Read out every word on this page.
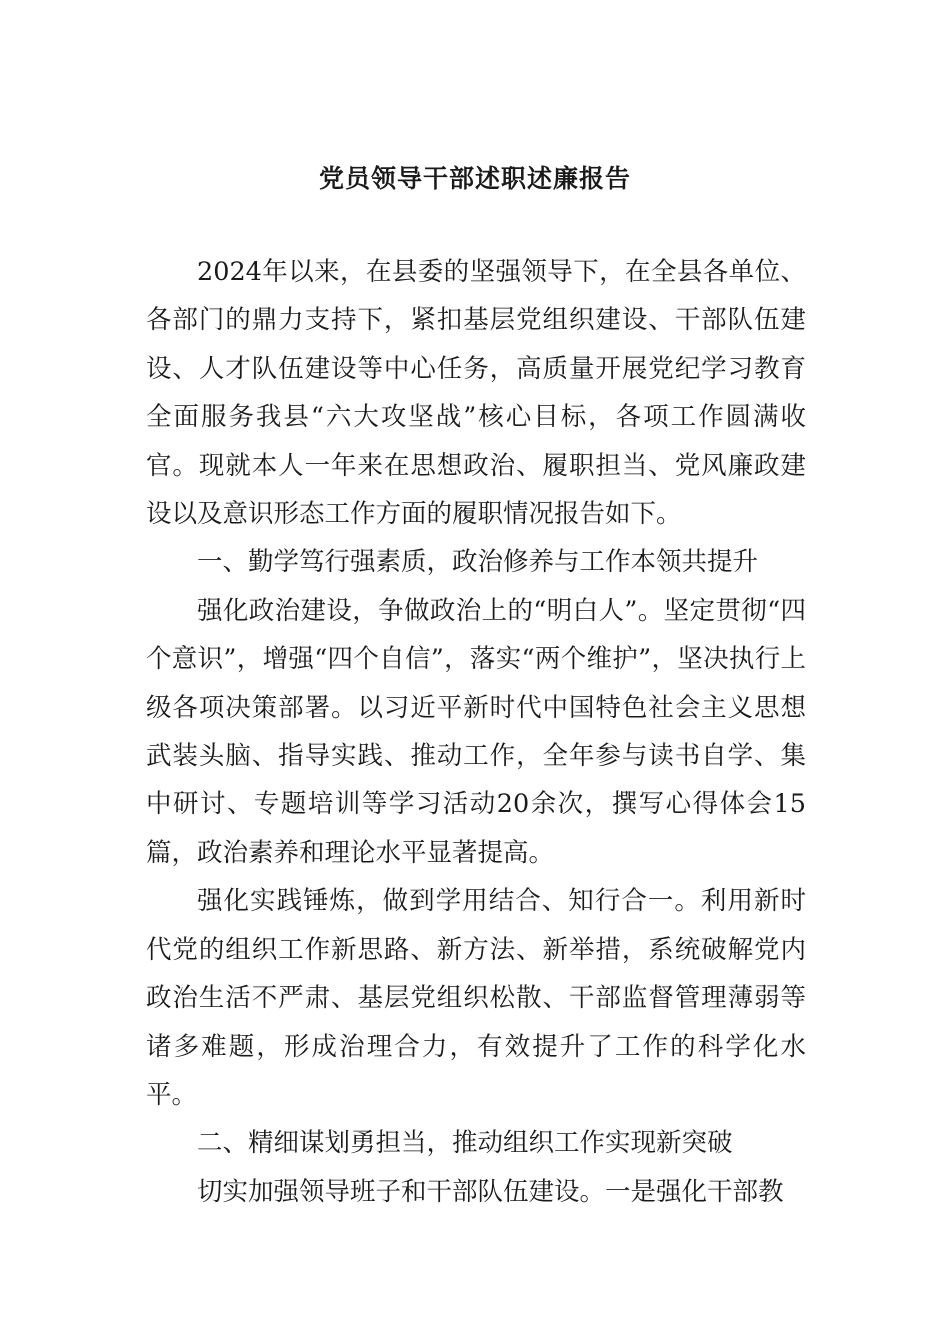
党员领导干部述职述廉报告

2024年以来，在县委的坚强领导下，在全县各单位、各部门的鼎力支持下，紧扣基层党组织建设、干部队伍建设、人才队伍建设等中心任务，高质量开展党纪学习教育全面服务我县“六大攻坚战”核心目标，各项工作圆满收官。现就本人一年来在思想政治、履职担当、党风廉政建设以及意识形态工作方面的履职情况报告如下。

一、勤学笃行强素质，政治修养与工作本领共提升

强化政治建设，争做政治上的“明白人”。坚定贯彻“四个意识”，增强“四个自信”，落实“两个维护”，坚决执行上级各项决策部署。以习近平新时代中国特色社会主义思想武装头脑、指导实践、推动工作，全年参与读书自学、集中研讨、专题培训等学习活动20余次，撰写心得体会15篇，政治素养和理论水平显著提高。

强化实践锤炼，做到学用结合、知行合一。利用新时代党的组织工作新思路、新方法、新举措，系统破解党内政治生活不严肃、基层党组织松散、干部监督管理薄弱等诸多难题，形成治理合力，有效提升了工作的科学化水平。

二、精细谋划勇担当，推动组织工作实现新突破

切实加强领导班子和干部队伍建设。一是强化干部教
